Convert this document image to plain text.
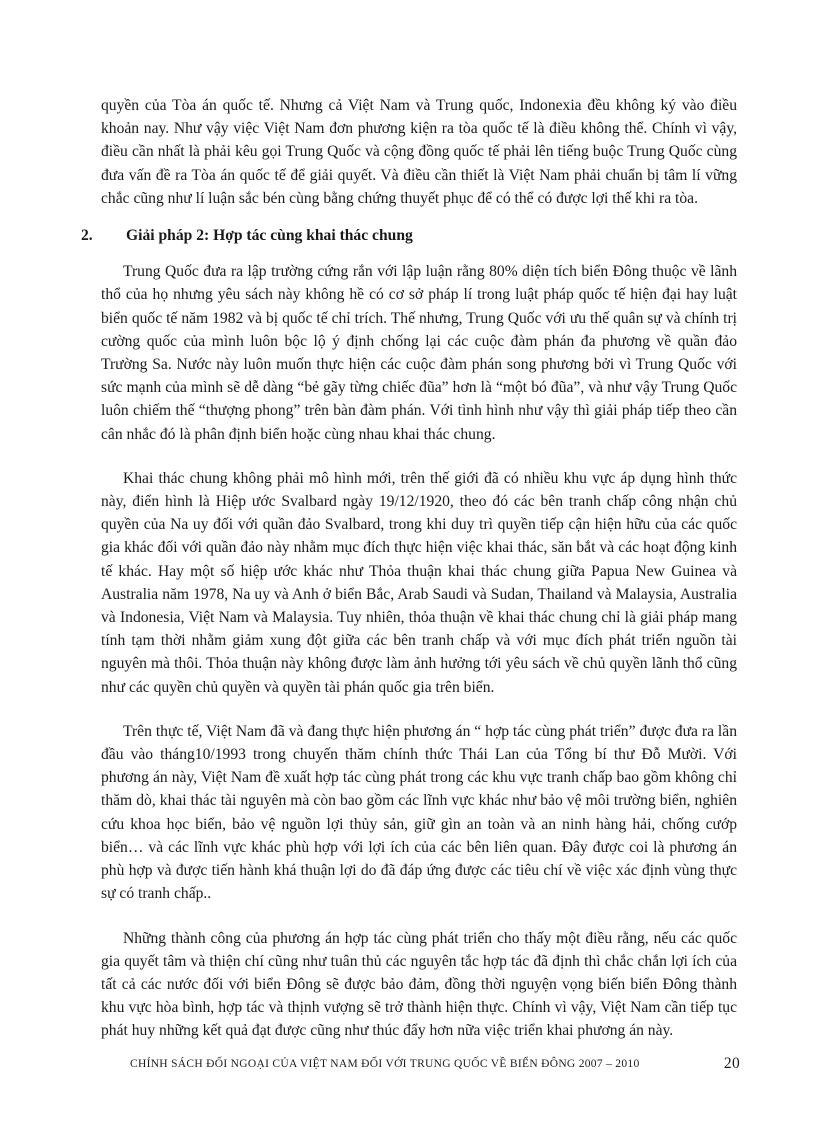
quyền của Tòa án quốc tế. Nhưng cả Việt Nam và Trung quốc, Indonexia đều không ký vào điều khoản nay. Như vậy việc Việt Nam đơn phương kiện ra tòa quốc tế là điều không thể. Chính vì vậy, điều cần nhất là phải kêu gọi Trung Quốc và cộng đồng quốc tế phải lên tiếng buộc Trung Quốc cùng đưa vấn đề ra Tòa án quốc tế để giải quyết. Và điều cần thiết là Việt Nam phải chuẩn bị tâm lí vững chắc cũng như lí luận sắc bén cùng bằng chứng thuyết phục để có thể có được lợi thế khi ra tòa.

2. Giải pháp 2: Hợp tác cùng khai thác chung

Trung Quốc đưa ra lập trường cứng rắn với lập luận rằng 80% diện tích biển Đông thuộc về lãnh thổ của họ nhưng yêu sách này không hề có cơ sở pháp lí trong luật pháp quốc tế hiện đại hay luật biển quốc tế năm 1982 và bị quốc tế chỉ trích. Thế nhưng, Trung Quốc với ưu thế quân sự và chính trị cường quốc của mình luôn bộc lộ ý định chống lại các cuộc đàm phán đa phương về quần đảo Trường Sa. Nước này luôn muốn thực hiện các cuộc đàm phán song phương bởi vì Trung Quốc với sức mạnh của mình sẽ dễ dàng “bẻ gãy từng chiếc đũa” hơn là “một bó đũa”, và như vậy Trung Quốc luôn chiếm thế “thượng phong” trên bàn đàm phán. Với tình hình như vậy thì giải pháp tiếp theo cần cân nhắc đó là phân định biển hoặc cùng nhau khai thác chung.

Khai thác chung không phải mô hình mới, trên thế giới đã có nhiều khu vực áp dụng hình thức này, điển hình là Hiệp ước Svalbard ngày 19/12/1920, theo đó các bên tranh chấp công nhận chủ quyền của Na uy đối với quần đảo Svalbard, trong khi duy trì quyền tiếp cận hiện hữu của các quốc gia khác đối với quần đảo này nhằm mục đích thực hiện việc khai thác, săn bắt và các hoạt động kinh tế khác. Hay một số hiệp ước khác như Thỏa thuận khai thác chung giữa Papua New Guinea và Australia năm 1978, Na uy và Anh ở biển Bắc, Arab Saudi và Sudan, Thailand và Malaysia, Australia và Indonesia, Việt Nam và Malaysia. Tuy nhiên, thỏa thuận về khai thác chung chỉ là giải pháp mang tính tạm thời nhằm giảm xung đột giữa các bên tranh chấp và với mục đích phát triển nguồn tài nguyên mà thôi. Thỏa thuận này không được làm ảnh hưởng tới yêu sách về chủ quyền lãnh thổ cũng như các quyền chủ quyền và quyền tài phán quốc gia trên biển.

Trên thực tế, Việt Nam đã và đang thực hiện phương án “ hợp tác cùng phát triển” được đưa ra lần đầu vào tháng10/1993 trong chuyến thăm chính thức Thái Lan của Tổng bí thư Đỗ Mười. Với phương án này, Việt Nam đề xuất hợp tác cùng phát trong các khu vực tranh chấp bao gồm không chỉ thăm dò, khai thác tài nguyên mà còn bao gồm các lĩnh vực khác như bảo vệ môi trường biển, nghiên cứu khoa học biển, bảo vệ nguồn lợi thủy sản, giữ gìn an toàn và an ninh hàng hải, chống cướp biển… và các lĩnh vực khác phù hợp với lợi ích của các bên liên quan. Đây được coi là phương án phù hợp và được tiến hành khá thuận lợi do đã đáp ứng được các tiêu chí về việc xác định vùng thực sự có tranh chấp..

Những thành công của phương án hợp tác cùng phát triển cho thấy một điều rằng, nếu các quốc gia quyết tâm và thiện chí cũng như tuân thủ các nguyên tắc hợp tác đã định thì chắc chắn lợi ích của tất cả các nước đối với biển Đông sẽ được bảo đảm, đồng thời nguyện vọng biến biển Đông thành khu vực hòa bình, hợp tác và thịnh vượng sẽ trở thành hiện thực. Chính vì vậy, Việt Nam cần tiếp tục phát huy những kết quả đạt được cũng như thúc đẩy hơn nữa việc triển khai phương án này.

CHÍNH SÁCH ĐỐI NGOẠI CỦA VIỆT NAM ĐỐI VỚI TRUNG QUỐC VỀ BIỂN ĐÔNG 2007 – 2010	20
